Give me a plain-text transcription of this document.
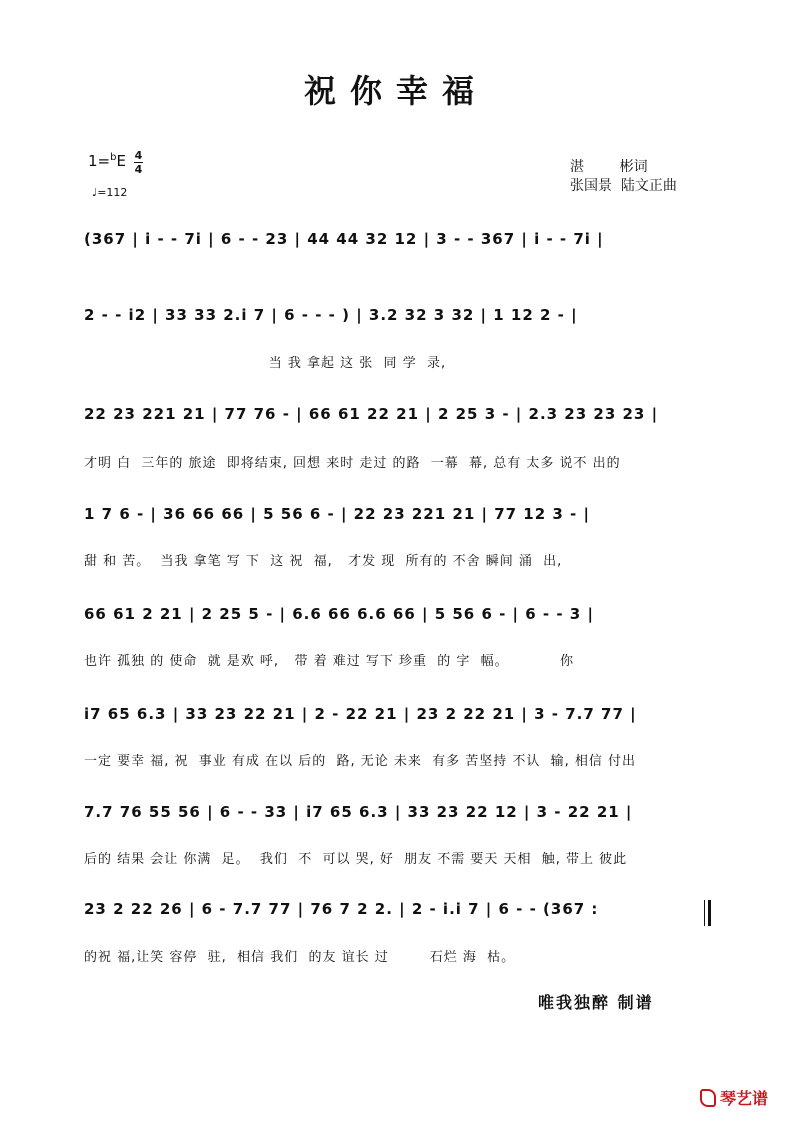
祝你幸福
1=$^b$E 4
4
♩=112
湛        彬词
张国景  陆文正曲
(367 | i - - 7i | 6 - - 23 | 44 44 32 12 | 3 - - 367 | i - - 7i |
2 - - i2 | 33 33 2.i 7 | 6 - - - ) | 3.2 32 3 32 | 1 12 2 - |
当 我 拿起 这 张  同 学  录,
22 23 221 21 | 77 76 - | 66 61 22 21 | 2 25 3 - | 2.3 23 23 23 |
才明 白  三年的 旅途  即将结束, 回想 来时 走过 的路  一幕  幕, 总有 太多 说不 出的
1 7 6 - | 36 66 66 | 5 56 6 - | 22 23 221 21 | 77 12 3 - |
甜 和 苦。  当我 拿笔 写 下  这 祝  福,   才发 现  所有的 不舍 瞬间 涌  出,
66 61 2 21 | 2 25 5 - | 6.6 66 6.6 66 | 5 56 6 - | 6 - - 3 |
也许 孤独 的 使命  就 是欢 呼,   带 着 难过 写下 珍重  的 字  幅。          你
i7 65 6.3 | 33 23 22 21 | 2 - 22 21 | 23 2 22 21 | 3 - 7.7 77 |
一定 要幸 福, 祝  事业 有成 在以 后的  路, 无论 未来  有多 苦坚持 不认  输, 相信 付出
7.7 76 55 56 | 6 - - 33 | i7 65 6.3 | 33 23 22 12 | 3 - 22 21 |
后的 结果 会让 你满  足。  我们  不  可以 哭, 好  朋友 不需 要天 天相  触, 带上 彼此
23 2 22 26 | 6 - 7.7 77 | 76 7 2 2. | 2 - i.i 7 | 6 - - (367 :
的祝 福,让笑 容停  驻,  相信 我们  的友 谊长 过        石烂 海  枯。
唯我独醉 制谱
琴艺谱
